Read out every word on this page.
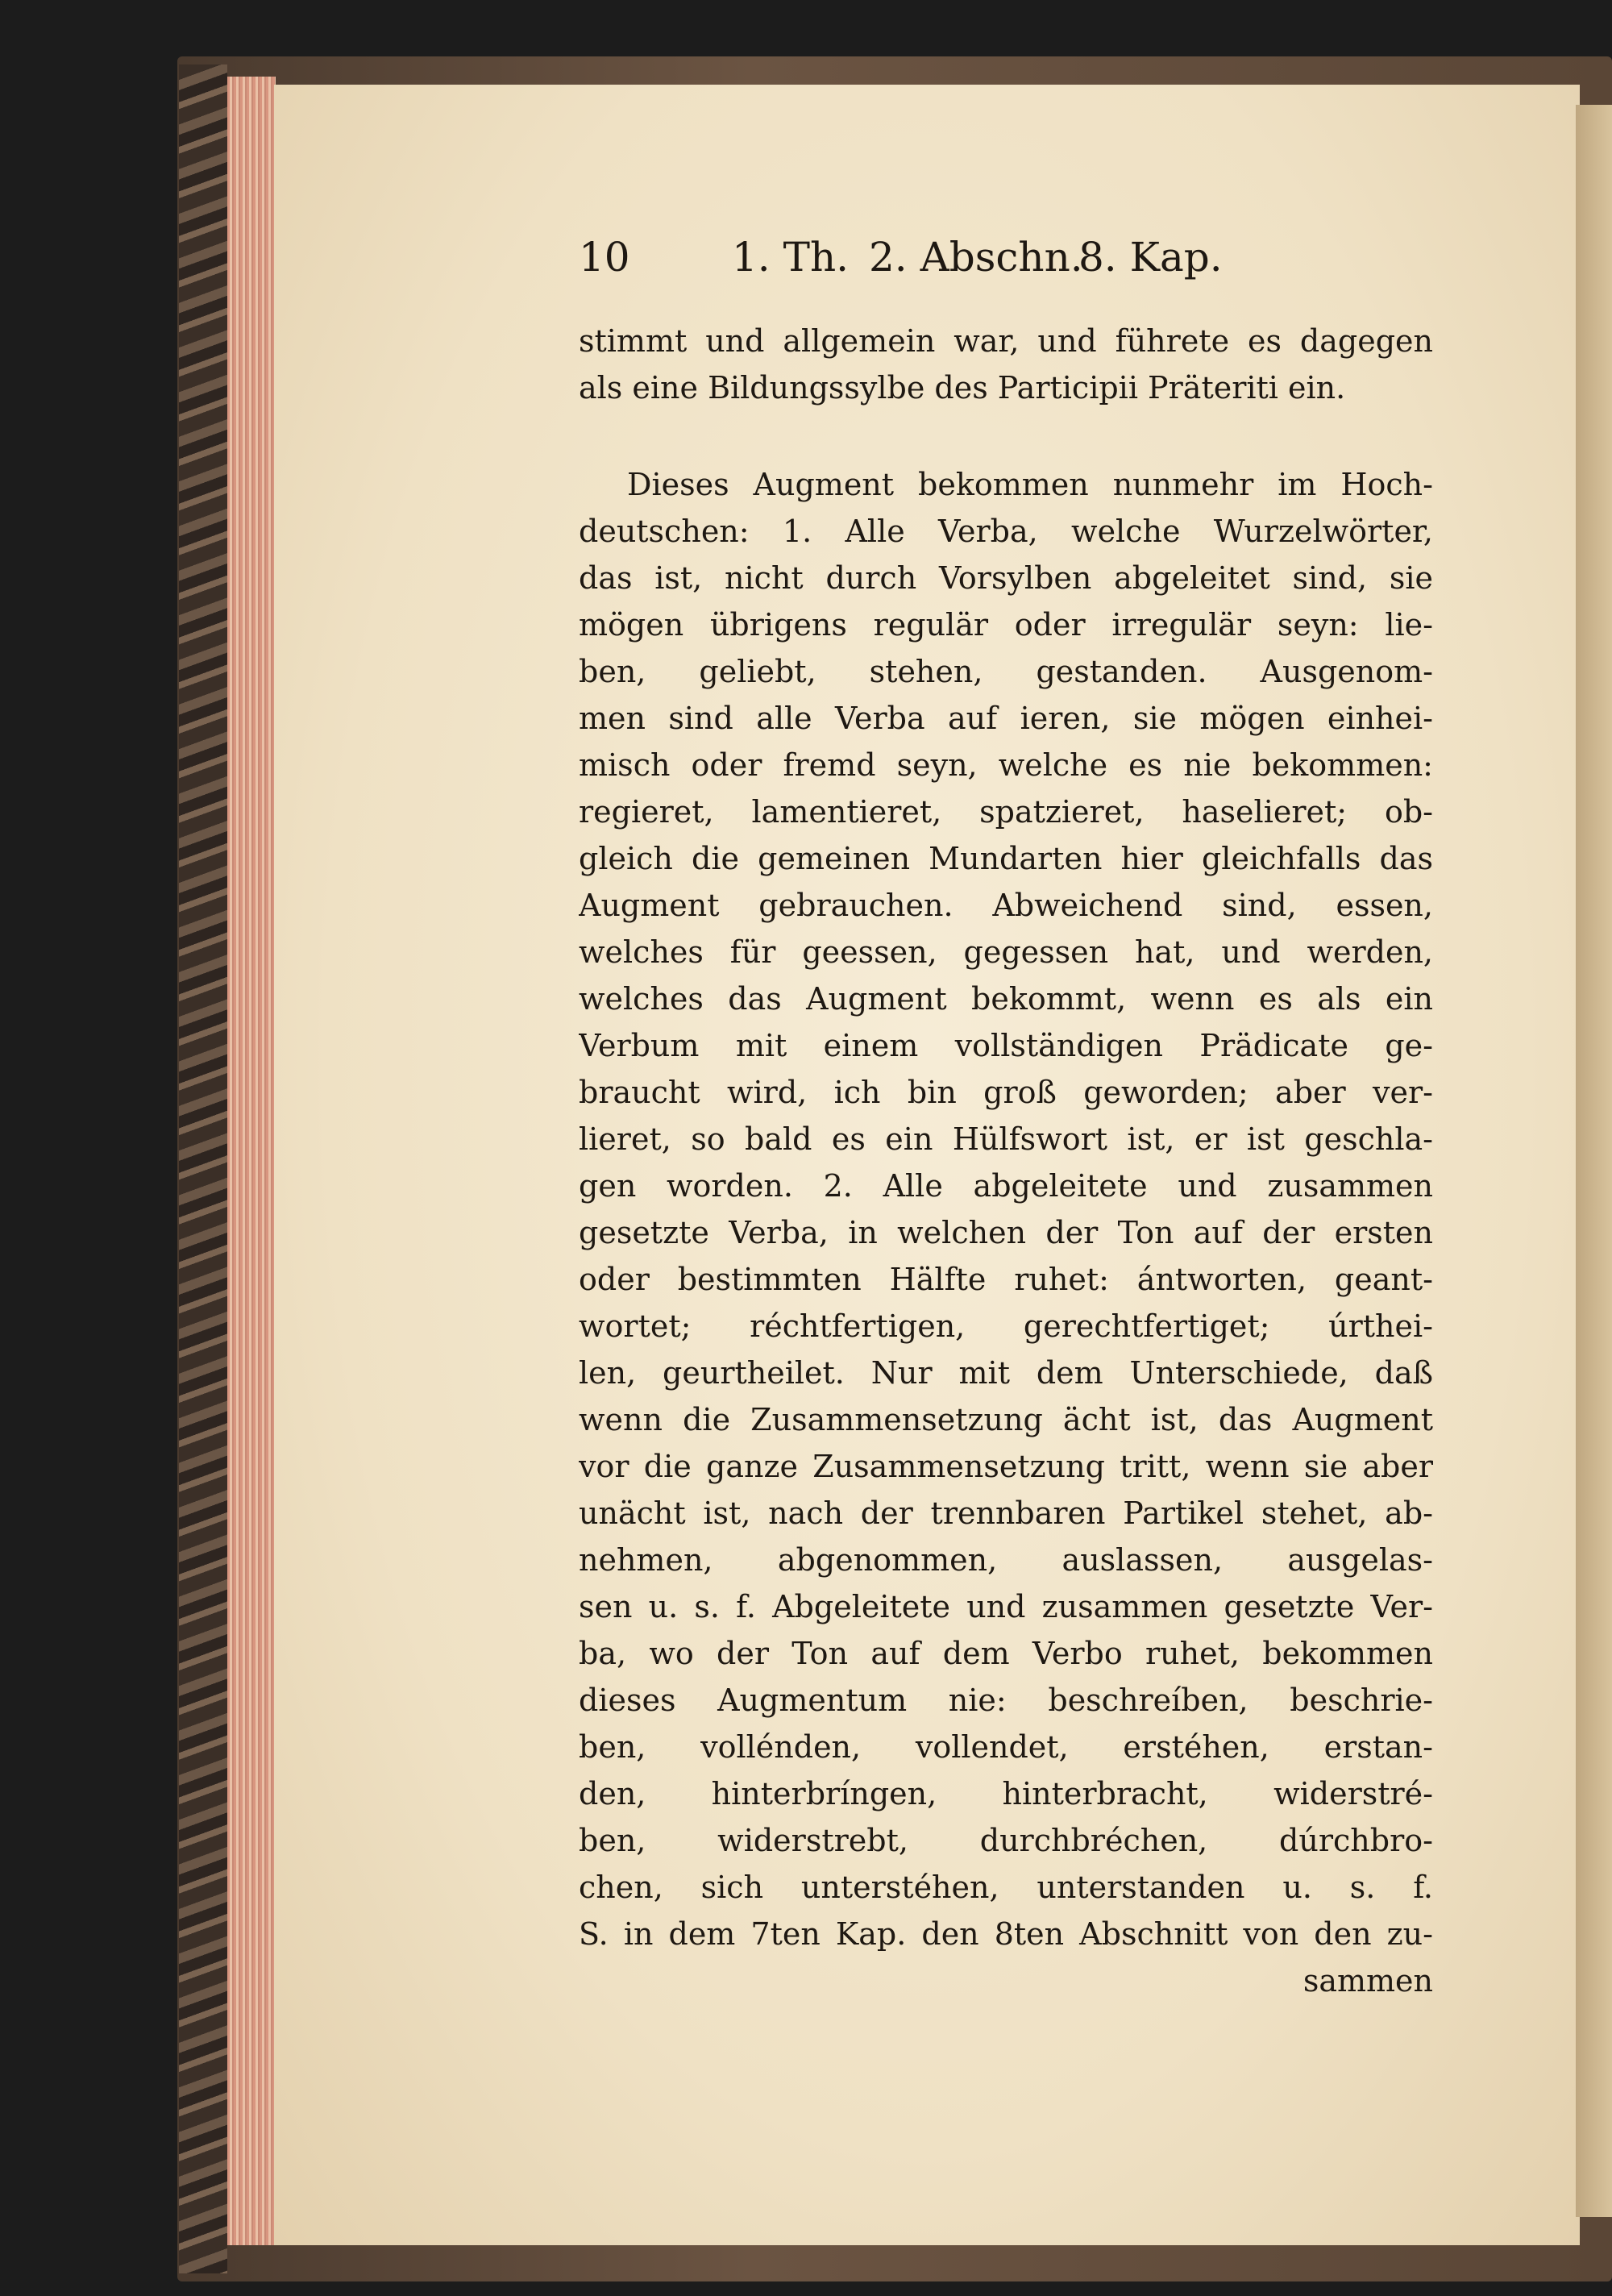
10	1. Th. 2. Abschn.
8. Kap.
stimmt und allgemein war, und führete es dagegen
als eine Bildungssylbe des Participii Präteriti ein.
Dieses Augment bekommen nunmehr im Hoch-
deutschen: 1. Alle Verba, welche Wurzelwörter,
das ist, nicht durch Vorsylben abgeleitet sind, sie
mögen übrigens regulär oder irregulär seyn: lie-
ben, geliebt, stehen, gestanden. Ausgenom-
men sind alle Verba auf ieren, sie mögen einhei-
misch oder fremd seyn, welche es nie bekommen:
regieret, lamentieret, spatzieret, haselieret; ob-
gleich die gemeinen Mundarten hier gleichfalls das
Augment gebrauchen. Abweichend sind, essen,
welches für geessen, gegessen hat, und werden,
welches das Augment bekommt, wenn es als ein
Verbum mit einem vollständigen Prädicate ge-
braucht wird, ich bin groß geworden; aber ver-
lieret, so bald es ein Hülfswort ist, er ist geschla-
gen worden. 2. Alle abgeleitete und zusammen
gesetzte Verba, in welchen der Ton auf der ersten
oder bestimmten Hälfte ruhet: ántworten, geant-
wortet; réchtfertigen, gerechtfertiget; úrthei-
len, geurtheilet. Nur mit dem Unterschiede, daß
wenn die Zusammensetzung ächt ist, das Augment
vor die ganze Zusammensetzung tritt, wenn sie aber
unächt ist, nach der trennbaren Partikel stehet, ab-
nehmen, abgenommen, auslassen, ausgelas-
sen u. s. f. Abgeleitete und zusammen gesetzte Ver-
ba, wo der Ton auf dem Verbo ruhet, bekommen
dieses Augmentum nie: beschreíben, beschrie-
ben, vollénden, vollendet, erstéhen, erstan-
den, hinterbríngen, hinterbracht, widerstré-
ben, widerstrebt, durchbréchen, dúrchbro-
chen, sich unterstéhen, unterstanden u. s. f.
S. in dem 7ten Kap. den 8ten Abschnitt von den zu-
sammen
